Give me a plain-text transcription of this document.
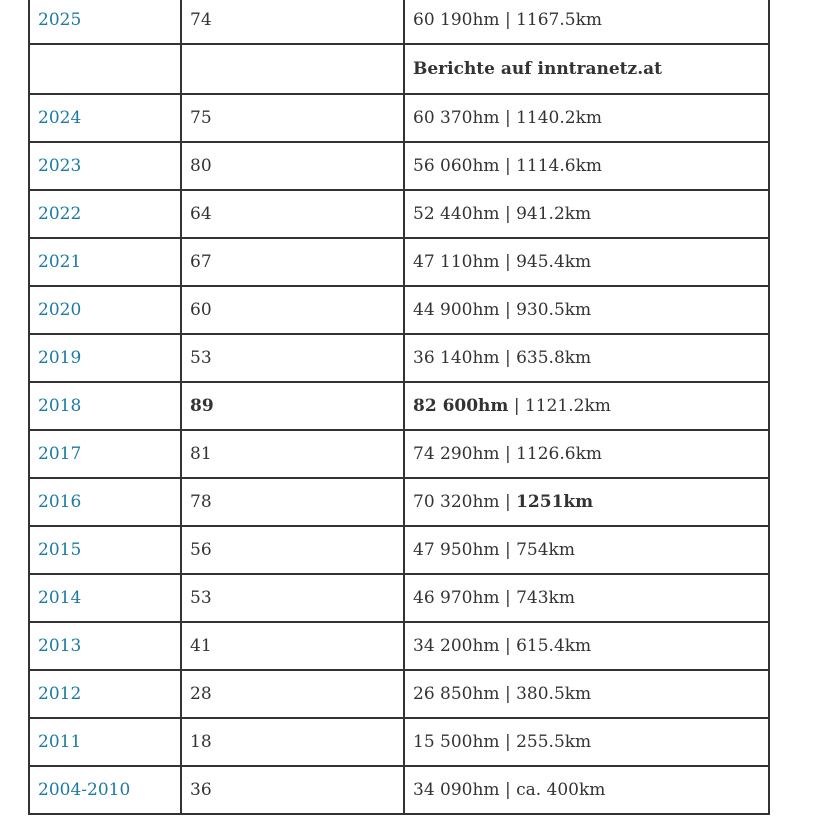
2025	74	60 190hm | 1167.5km
		Berichte auf inntranetz.at
2024	75	60 370hm | 1140.2km
2023	80	56 060hm | 1114.6km
2022	64	52 440hm | 941.2km
2021	67	47 110hm | 945.4km
2020	60	44 900hm | 930.5km
2019	53	36 140hm | 635.8km
2018	89	82 600hm | 1121.2km
2017	81	74 290hm | 1126.6km
2016	78	70 320hm | 1251km
2015	56	47 950hm | 754km
2014	53	46 970hm | 743km
2013	41	34 200hm | 615.4km
2012	28	26 850hm | 380.5km
2011	18	15 500hm | 255.5km
2004-2010	36	34 090hm | ca. 400km
